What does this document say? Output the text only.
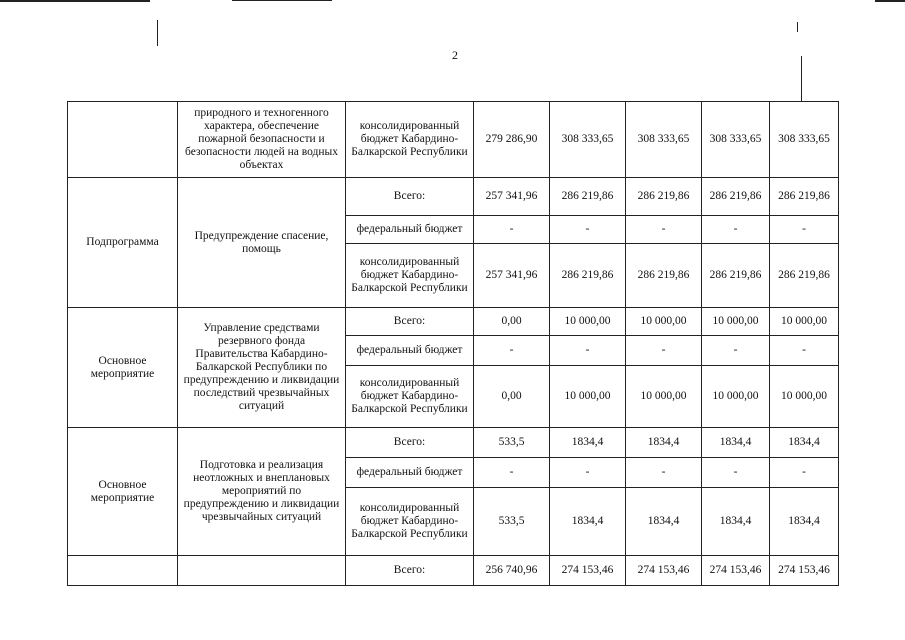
2
	природного и техногенного характера, обеспечение пожарной безопасности и безопасности людей на водных объектах	консолидированный бюджет Кабардино-Балкарской Республики	279 286,90	308 333,65	308 333,65	308 333,65	308 333,65
Подпрограмма	Предупреждение спасение, помощь	Всего:	257 341,96	286 219,86	286 219,86	286 219,86	286 219,86
		федеральный бюджет	-	-	-	-	-
		консолидированный бюджет Кабардино-Балкарской Республики	257 341,96	286 219,86	286 219,86	286 219,86	286 219,86
Основное мероприятие	Управление средствами резервного фонда Правительства Кабардино-Балкарской Республики по предупреждению и ликвидации последствий чрезвычайных ситуаций	Всего:	0,00	10 000,00	10 000,00	10 000,00	10 000,00
		федеральный бюджет	-	-	-	-	-
		консолидированный бюджет Кабардино-Балкарской Республики	0,00	10 000,00	10 000,00	10 000,00	10 000,00
Основное мероприятие	Подготовка и реализация неотложных и внеплановых мероприятий по предупреждению и ликвидации чрезвычайных ситуаций	Всего:	533,5	1834,4	1834,4	1834,4	1834,4
		федеральный бюджет	-	-	-	-	-
		консолидированный бюджет Кабардино-Балкарской Республики	533,5	1834,4	1834,4	1834,4	1834,4
		Всего:	256 740,96	274 153,46	274 153,46	274 153,46	274 153,46
